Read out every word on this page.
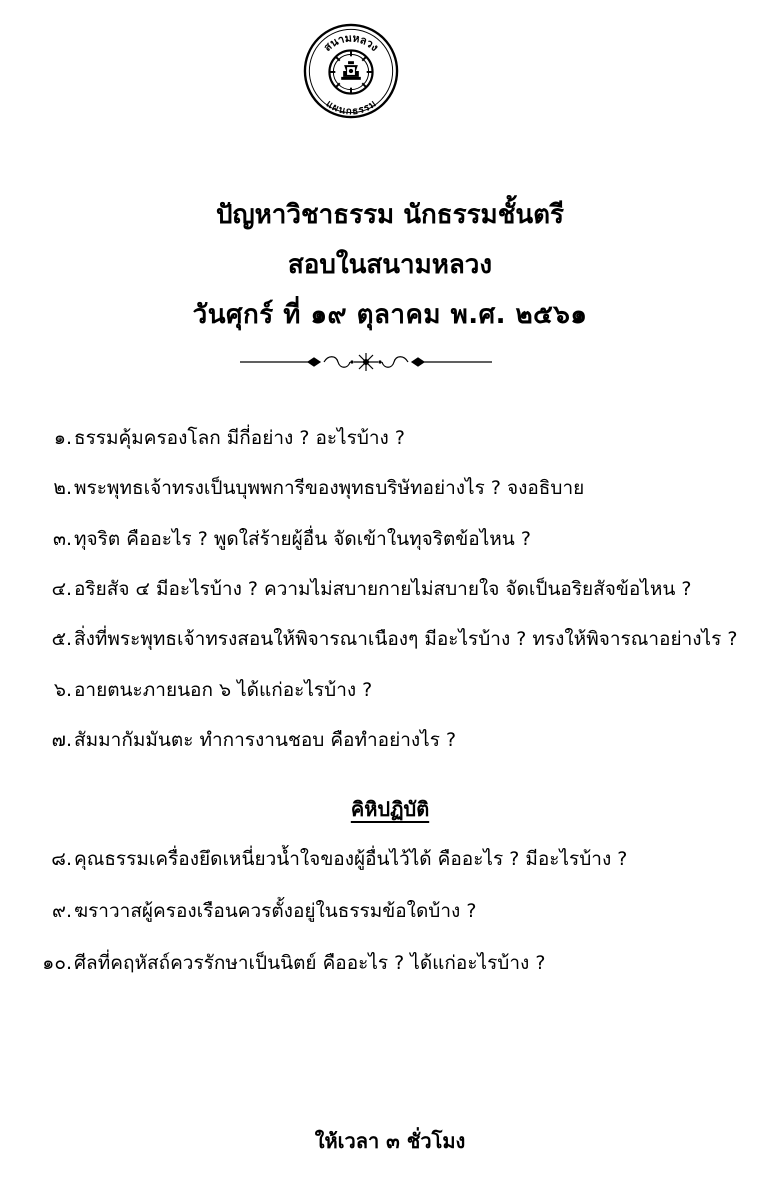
สนามหลวง
แผนกธรรม
ปัญหาวิชาธรรม นักธรรมชั้นตรี
สอบในสนามหลวง
วันศุกร์ ที่ ๑๙ ตุลาคม พ.ศ. ๒๕๖๑
๑. ธรรมคุ้มครองโลก มีกี่อย่าง ? อะไรบ้าง ?
๒. พระพุทธเจ้าทรงเป็นบุพพการีของพุทธบริษัทอย่างไร ? จงอธิบาย
๓. ทุจริต คืออะไร ? พูดใส่ร้ายผู้อื่น จัดเข้าในทุจริตข้อไหน ?
๔. อริยสัจ ๔ มีอะไรบ้าง ? ความไม่สบายกายไม่สบายใจ จัดเป็นอริยสัจข้อไหน ?
๕. สิ่งที่พระพุทธเจ้าทรงสอนให้พิจารณาเนืองๆ มีอะไรบ้าง ? ทรงให้พิจารณาอย่างไร ?
๖. อายตนะภายนอก ๖ ได้แก่อะไรบ้าง ?
๗. สัมมากัมมันตะ ทำการงานชอบ คือทำอย่างไร ?
คิหิปฏิบัติ
๘. คุณธรรมเครื่องยึดเหนี่ยวน้ำใจของผู้อื่นไว้ได้ คืออะไร ? มีอะไรบ้าง ?
๙. ฆราวาสผู้ครองเรือนควรตั้งอยู่ในธรรมข้อใดบ้าง ?
๑๐. ศีลที่คฤหัสถ์ควรรักษาเป็นนิตย์ คืออะไร ? ได้แก่อะไรบ้าง ?
ให้เวลา ๓ ชั่วโมง
